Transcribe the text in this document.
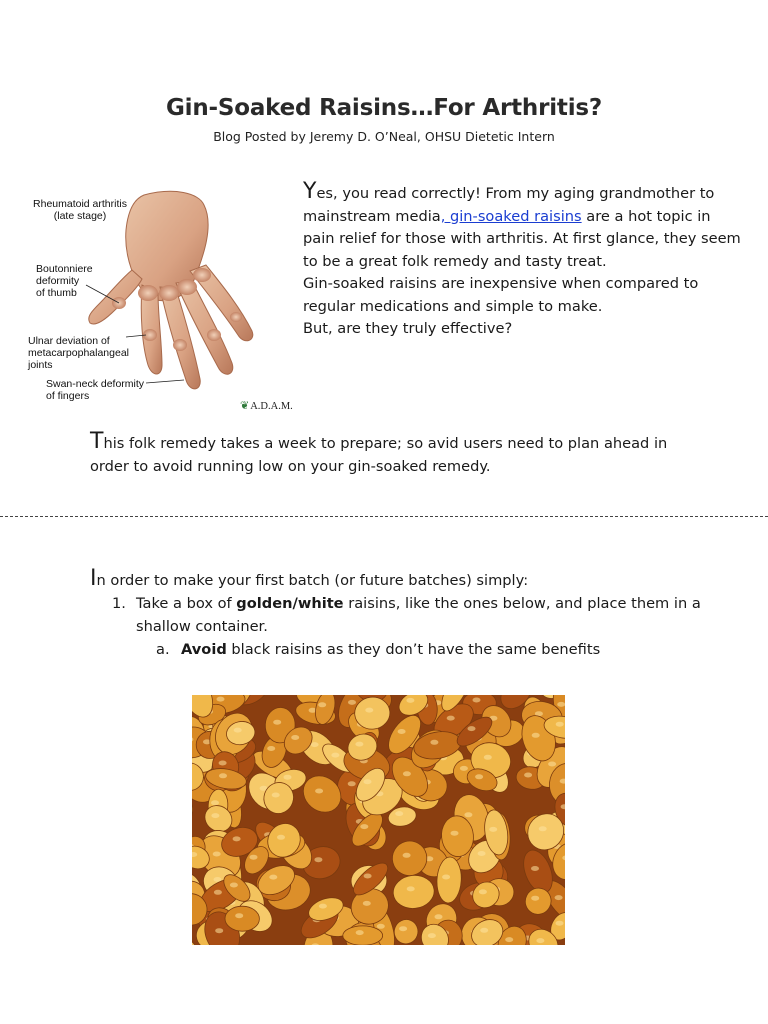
Gin-Soaked Raisins…For Arthritis?
Blog Posted by Jeremy D. O’Neal, OHSU Dietetic Intern
Rheumatoid arthritis
(late stage)
Boutonniere
deformity
of thumb
Ulnar deviation of
metacarpophalangeal
joints
Swan-neck deformity
of fingers
❦A.D.A.M.

Yes, you read correctly! From my aging grandmother to mainstream media, gin-soaked raisins are a hot topic in pain relief for those with arthritis. At first glance, they seem to be a great folk remedy and tasty treat.

Gin-soaked raisins are inexpensive when compared to regular medications and simple to make.

But, are they truly effective?

This folk remedy takes a week to prepare; so avid users need to plan ahead in order to avoid running low on your gin-soaked remedy.

In order to make your first batch (or future batches) simply:

1. Take a box of golden/white raisins, like the ones below, and place them in a shallow container.

a. Avoid black raisins as they don’t have the same benefits
